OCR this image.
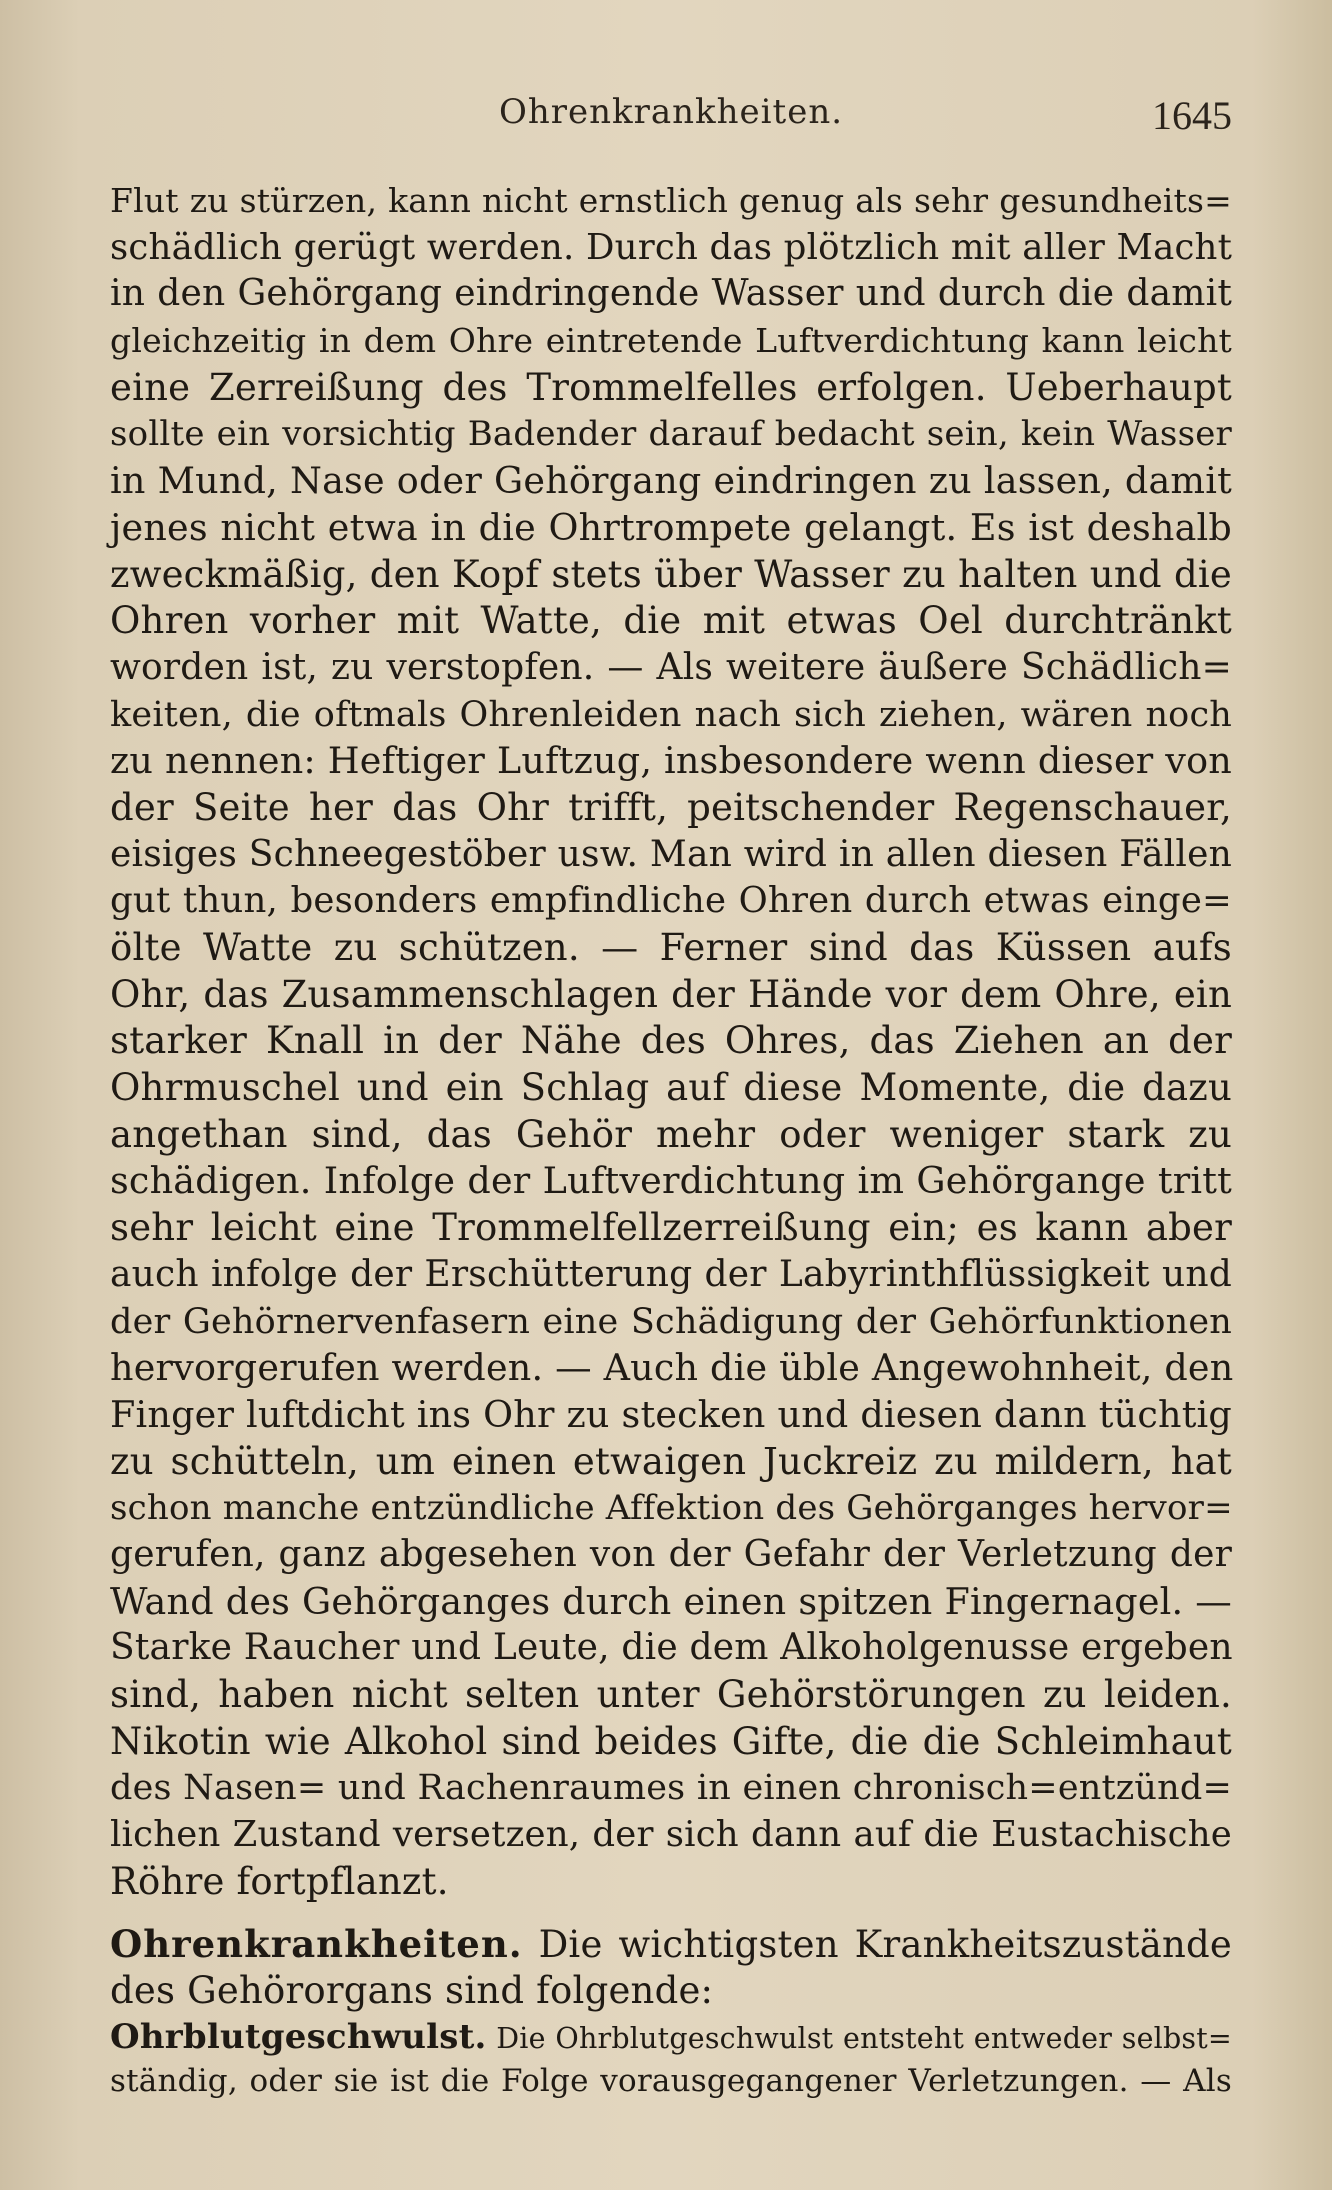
Ohrenkrankheiten.	1645
Flut zu stürzen, kann nicht ernstlich genug als sehr gesundheits=
schädlich gerügt werden. Durch das plötzlich mit aller Macht
in den Gehörgang eindringende Wasser und durch die damit
gleichzeitig in dem Ohre eintretende Luftverdichtung kann leicht
eine Zerreißung des Trommelfelles erfolgen. Ueberhaupt
sollte ein vorsichtig Badender darauf bedacht sein, kein Wasser
in Mund, Nase oder Gehörgang eindringen zu lassen, damit
jenes nicht etwa in die Ohrtrompete gelangt. Es ist deshalb
zweckmäßig, den Kopf stets über Wasser zu halten und die
Ohren vorher mit Watte, die mit etwas Oel durchtränkt
worden ist, zu verstopfen. — Als weitere äußere Schädlich=
keiten, die oftmals Ohrenleiden nach sich ziehen, wären noch
zu nennen: Heftiger Luftzug, insbesondere wenn dieser von
der Seite her das Ohr trifft, peitschender Regenschauer,
eisiges Schneegestöber usw. Man wird in allen diesen Fällen
gut thun, besonders empfindliche Ohren durch etwas einge=
ölte Watte zu schützen. — Ferner sind das Küssen aufs
Ohr, das Zusammenschlagen der Hände vor dem Ohre, ein
starker Knall in der Nähe des Ohres, das Ziehen an der
Ohrmuschel und ein Schlag auf diese Momente, die dazu
angethan sind, das Gehör mehr oder weniger stark zu
schädigen. Infolge der Luftverdichtung im Gehörgange tritt
sehr leicht eine Trommelfellzerreißung ein; es kann aber
auch infolge der Erschütterung der Labyrinthflüssigkeit und
der Gehörnervenfasern eine Schädigung der Gehörfunktionen
hervorgerufen werden. — Auch die üble Angewohnheit, den
Finger luftdicht ins Ohr zu stecken und diesen dann tüchtig
zu schütteln, um einen etwaigen Juckreiz zu mildern, hat
schon manche entzündliche Affektion des Gehörganges hervor=
gerufen, ganz abgesehen von der Gefahr der Verletzung der
Wand des Gehörganges durch einen spitzen Fingernagel. —
Starke Raucher und Leute, die dem Alkoholgenusse ergeben
sind, haben nicht selten unter Gehörstörungen zu leiden.
Nikotin wie Alkohol sind beides Gifte, die die Schleimhaut
des Nasen= und Rachenraumes in einen chronisch=entzünd=
lichen Zustand versetzen, der sich dann auf die Eustachische
Röhre fortpflanzt.
Ohrenkrankheiten. Die wichtigsten Krankheitszustände
des Gehörorgans sind folgende:
Ohrblutgeschwulst. Die Ohrblutgeschwulst entsteht entweder selbst=
ständig, oder sie ist die Folge vorausgegangener Verletzungen. — Als
